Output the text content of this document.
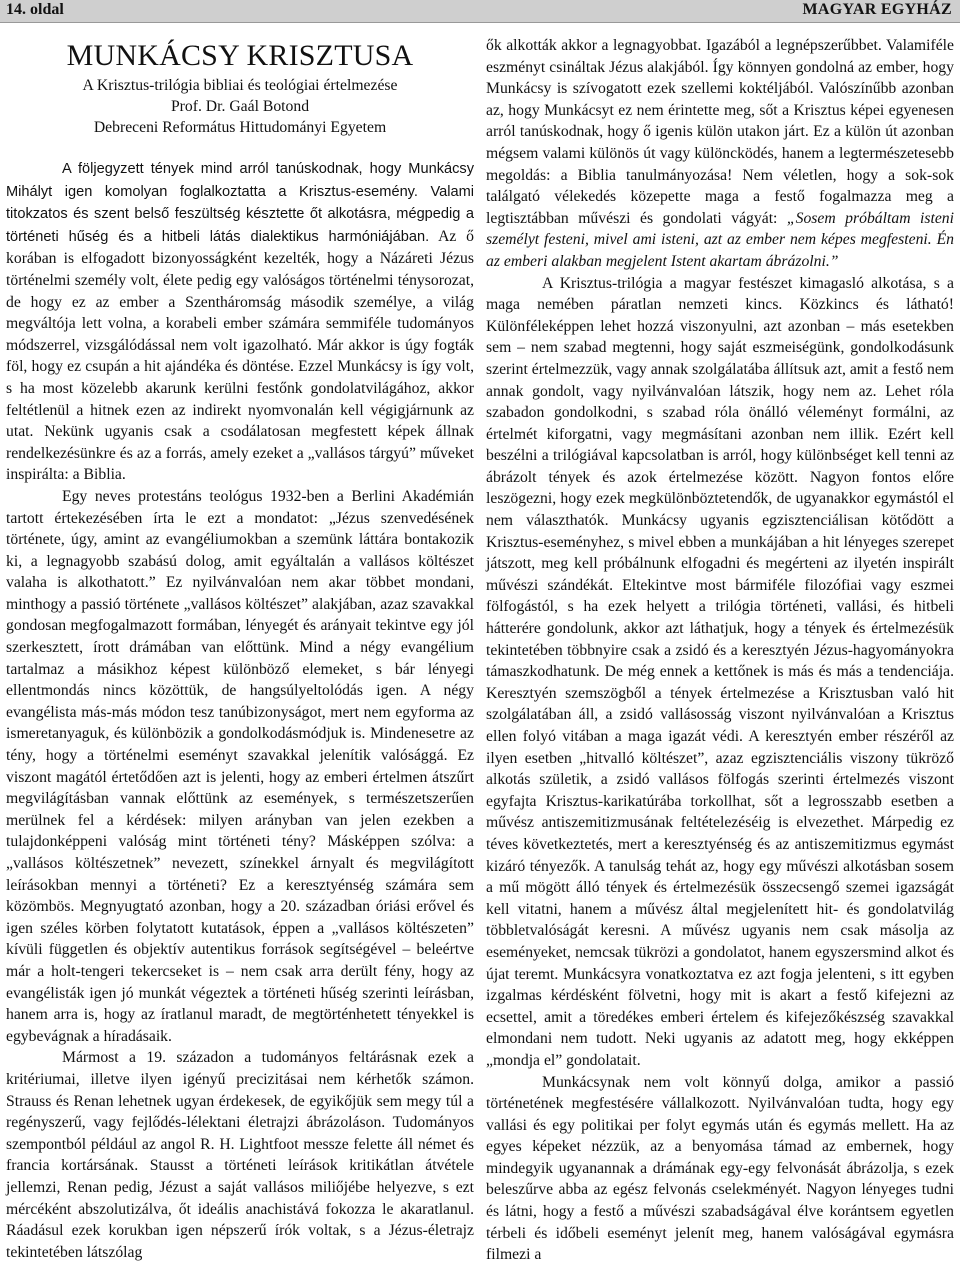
14. oldal	MAGYAR EGYHÁZ
MUNKÁCSY KRISZTUSA
A Krisztus-trilógia bibliai és teológiai értelmezése
Prof. Dr. Gaál Botond
Debreceni Református Hittudományi Egyetem

A följegyzett tények mind arról tanúskodnak, hogy Munkácsy Mihályt igen komolyan foglalkoztatta a Krisztus-esemény. Valami titokzatos és szent belső feszültség késztette őt alkotásra, mégpedig a történeti hűség és a hitbeli látás dialektikus harmóniájában. Az ő korában is elfogadott bizonyosságként kezelték, hogy a Názáreti Jézus történelmi személy volt, élete pedig egy valóságos történelmi ténysorozat, de hogy ez az ember a Szentháromság második személye, a világ megváltója lett volna, a korabeli ember számára semmiféle tudományos módszerrel, vizsgálódással nem volt igazolható. Már akkor is úgy fogták föl, hogy ez csupán a hit ajándéka és döntése. Ezzel Munkácsy is így volt, s ha most közelebb akarunk kerülni festőnk gondolatvilágához, akkor feltétlenül a hitnek ezen az indirekt nyomvonalán kell végigjárnunk az utat. Nekünk ugyanis csak a csodálatosan megfestett képek állnak rendelkezésünkre és az a forrás, amely ezeket a „vallásos tárgyú” műveket inspirálta: a Biblia.

Egy neves protestáns teológus 1932-ben a Berlini Akadémián tartott értekezésében írta le ezt a mondatot: „Jézus szenvedésének története, úgy, amint az evangéliumokban a szemünk láttára bontakozik ki, a legnagyobb szabású dolog, amit egyáltalán a vallásos költészet valaha is alkothatott.” Ez nyilvánvalóan nem akar többet mondani, minthogy a passió története „vallásos költészet” alakjában, azaz szavakkal gondosan megfogalmazott formában, lényegét és arányait tekintve egy jól szerkesztett, írott drámában van előttünk. Mind a négy evangélium tartalmaz a másikhoz képest különböző elemeket, s bár lényegi ellentmondás nincs közöttük, de hangsúlyeltolódás igen. A négy evangélista más-más módon tesz tanúbizonyságot, mert nem egyforma az ismeretanyaguk, és különbözik a gondolkodásmódjuk is. Mindenesetre az tény, hogy a történelmi eseményt szavakkal jelenítik valósággá. Ez viszont magától értetődően azt is jelenti, hogy az emberi értelmen átszűrt megvilágításban vannak előttünk az események, s természetszerűen merülnek fel a kérdések: milyen arányban van jelen ezekben a tulajdonképpeni valóság mint történeti tény? Másképpen szólva: a „vallásos költészetnek” nevezett, színekkel árnyalt és megvilágított leírásokban mennyi a történeti? Ez a keresztyénség számára sem közömbös. Megnyugtató azonban, hogy a 20. században óriási erővel és igen széles körben folytatott kutatások, éppen a „vallásos költészeten” kívüli független és objektív autentikus források segítségével – beleértve már a holt-tengeri tekercseket is – nem csak arra derült fény, hogy az evangélisták igen jó munkát végeztek a történeti hűség szerinti leírásban, hanem arra is, hogy az íratlanul maradt, de megtörténhetett tényekkel is egybevágnak a híradásaik.

Mármost a 19. századon a tudományos feltárásnak ezek a kritériumai, illetve ilyen igényű precizitásai nem kérhetők számon. Strauss és Renan lehetnek ugyan érdekesek, de egyikőjük sem megy túl a regényszerű, vagy fejlődés-lélektani életrajzi ábrázoláson. Tudományos szempontból például az angol R. H. Lightfoot messze felette áll német és francia kortársának. Stausst a történeti leírások kritikátlan átvétele jellemzi, Renan pedig, Jézust a saját vallásos miliőjébe helyezve, s ezt mércéként abszolutizálva, őt ideális anachistává fokozza le akaratlanul. Ráadásul ezek korukban igen népszerű írók voltak, s a Jézus-életrajz tekintetében látszólag

ők alkották akkor a legnagyobbat. Igazából a legnépszerűbbet. Valamiféle eszményt csináltak Jézus alakjából. Így könnyen gondolná az ember, hogy Munkácsy is szívogatott ezek szellemi koktéljából. Valószínűbb azonban az, hogy Munkácsyt ez nem érintette meg, sőt a Krisztus képei egyenesen arról tanúskodnak, hogy ő igenis külön utakon járt. Ez a külön út azonban mégsem valami különös út vagy különcködés, hanem a legtermészetesebb megoldás: a Biblia tanulmányozása! Nem véletlen, hogy a sok-sok találgató vélekedés közepette maga a festő fogalmazza meg a legtisztábban művészi és gondolati vágyát: „Sosem próbáltam isteni személyt festeni, mivel ami isteni, azt az ember nem képes megfesteni. Én az emberi alakban megjelent Istent akartam ábrázolni.”

A Krisztus-trilógia a magyar festészet kimagasló alkotása, s a maga nemében páratlan nemzeti kincs. Közkincs és látható! Különféleképpen lehet hozzá viszonyulni, azt azonban – más esetekben sem – nem szabad megtenni, hogy saját eszmeiségünk, gondolkodásunk szerint értelmezzük, vagy annak szolgálatába állítsuk azt, amit a festő nem annak gondolt, vagy nyilvánvalóan látszik, hogy nem az. Lehet róla szabadon gondolkodni, s szabad róla önálló véleményt formálni, az értelmét kiforgatni, vagy megmásítani azonban nem illik. Ezért kell beszélni a trilógiával kapcsolatban is arról, hogy különbséget kell tenni az ábrázolt tények és azok értelmezése között. Nagyon fontos előre leszögezni, hogy ezek megkülönböztetendők, de ugyanakkor egymástól el nem választhatók. Munkácsy ugyanis egzisztenciálisan kötődött a Krisztus-eseményhez, s mivel ebben a munkájában a hit lényeges szerepet játszott, meg kell próbálnunk elfogadni és megérteni az ilyetén inspirált művészi szándékát. Eltekintve most bármiféle filozófiai vagy eszmei fölfogástól, s ha ezek helyett a trilógia történeti, vallási, és hitbeli hátterére gondolunk, akkor azt láthatjuk, hogy a tények és értelmezésük tekintetében többnyire csak a zsidó és a keresztyén Jézus-hagyományokra támaszkodhatunk. De még ennek a kettőnek is más és más a tendenciája. Keresztyén szemszögből a tények értelmezése a Krisztusban való hit szolgálatában áll, a zsidó vallásosság viszont nyilvánvalóan a Krisztus ellen folyó vitában a maga igazát védi. A keresztyén ember részéről az ilyen esetben „hitvalló költészet”, azaz egzisztenciális viszony tükröző alkotás születik, a zsidó vallásos fölfogás szerinti értelmezés viszont egyfajta Krisztus-karikatúrába torkollhat, sőt a legrosszabb esetben a művész antiszemitizmusának feltételezéséig is elvezethet. Márpedig ez téves következtetés, mert a keresztyénség és az antiszemitizmus egymást kizáró tényezők. A tanulság tehát az, hogy egy művészi alkotásban sosem a mű mögött álló tények és értelmezésük összecsengő szemei igazságát kell vitatni, hanem a művész által megjelenített hit- és gondolatvilág többletvalóságát keresni. A művész ugyanis nem csak másolja az eseményeket, nemcsak tükrözi a gondolatot, hanem egyszersmind alkot és újat teremt. Munkácsyra vonatkoztatva ez azt fogja jelenteni, s itt egyben izgalmas kérdésként fölvetni, hogy mit is akart a festő kifejezni az ecsettel, amit a töredékes emberi értelem és kifejezőkészség szavakkal elmondani nem tudott. Neki ugyanis az adatott meg, hogy ekképpen „mondja el” gondolatait.

Munkácsynak nem volt könnyű dolga, amikor a passió történetének megfestésére vállalkozott. Nyilvánvalóan tudta, hogy egy vallási és egy politikai per folyt egymás után és egymás mellett. Ha az egyes képeket nézzük, az a benyomása támad az embernek, hogy mindegyik ugyanannak a drámának egy-egy felvonását ábrázolja, s ezek beleszűrve abba az egész felvonás cselekményét. Nagyon lényeges tudni és látni, hogy a festő a művészi szabadságával élve korántsem egyetlen térbeli és időbeli eseményt jelenít meg, hanem valóságával egymásra filmezi a
